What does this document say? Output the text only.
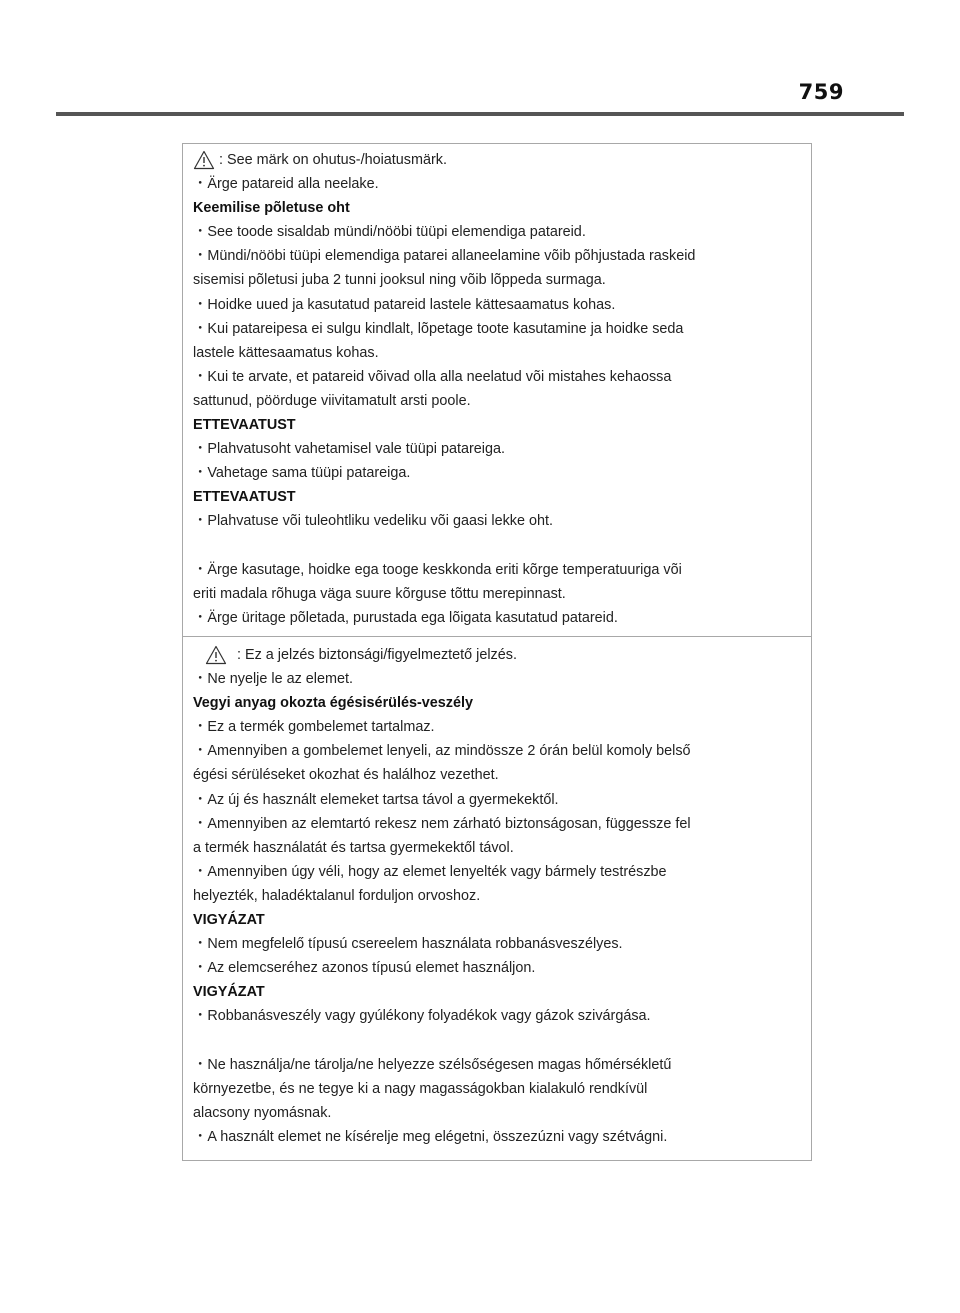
759
: See märk on ohutus-/hoiatusmärk.
・Ärge patareid alla neelake.
Keemilise põletuse oht
・See toode sisaldab mündi/nööbi tüüpi elemendiga patareid.
・Mündi/nööbi tüüpi elemendiga patarei allaneelamine võib põhjustada raskeid
sisemisi põletusi juba 2 tunni jooksul ning võib lõppeda surmaga.
・Hoidke uued ja kasutatud patareid lastele kättesaamatus kohas.
・Kui patareipesa ei sulgu kindlalt, lõpetage toote kasutamine ja hoidke seda
lastele kättesaamatus kohas.
・Kui te arvate, et patareid võivad olla alla neelatud või mistahes kehaossa
sattunud, pöörduge viivitamatult arsti poole.
ETTEVAATUST
・Plahvatusoht vahetamisel vale tüüpi patareiga.
・Vahetage sama tüüpi patareiga.
ETTEVAATUST
・Plahvatuse või tuleohtliku vedeliku või gaasi lekke oht.
・Ärge kasutage, hoidke ega tooge keskkonda eriti kõrge temperatuuriga või
eriti madala rõhuga väga suure kõrguse tõttu merepinnast.
・Ärge üritage põletada, purustada ega lõigata kasutatud patareid.
: Ez a jelzés biztonsági/figyelmeztető jelzés.
・Ne nyelje le az elemet.
Vegyi anyag okozta égésisérülés-veszély
・Ez a termék gombelemet tartalmaz.
・Amennyiben a gombelemet lenyeli, az mindössze 2 órán belül komoly belső
égési sérüléseket okozhat és halálhoz vezethet.
・Az új és használt elemeket tartsa távol a gyermekektől.
・Amennyiben az elemtartó rekesz nem zárható biztonságosan, függessze fel
a termék használatát és tartsa gyermekektől távol.
・Amennyiben úgy véli, hogy az elemet lenyelték vagy bármely testrészbe
helyezték, haladéktalanul forduljon orvoshoz.
VIGYÁZAT
・Nem megfelelő típusú csereelem használata robbanásveszélyes.
・Az elemcseréhez azonos típusú elemet használjon.
VIGYÁZAT
・Robbanásveszély vagy gyúlékony folyadékok vagy gázok szivárgása.
・Ne használja/ne tárolja/ne helyezze szélsőségesen magas hőmérsékletű
környezetbe, és ne tegye ki a nagy magasságokban kialakuló rendkívül
alacsony nyomásnak.
・A használt elemet ne kísérelje meg elégetni, összezúzni vagy szétvágni.
